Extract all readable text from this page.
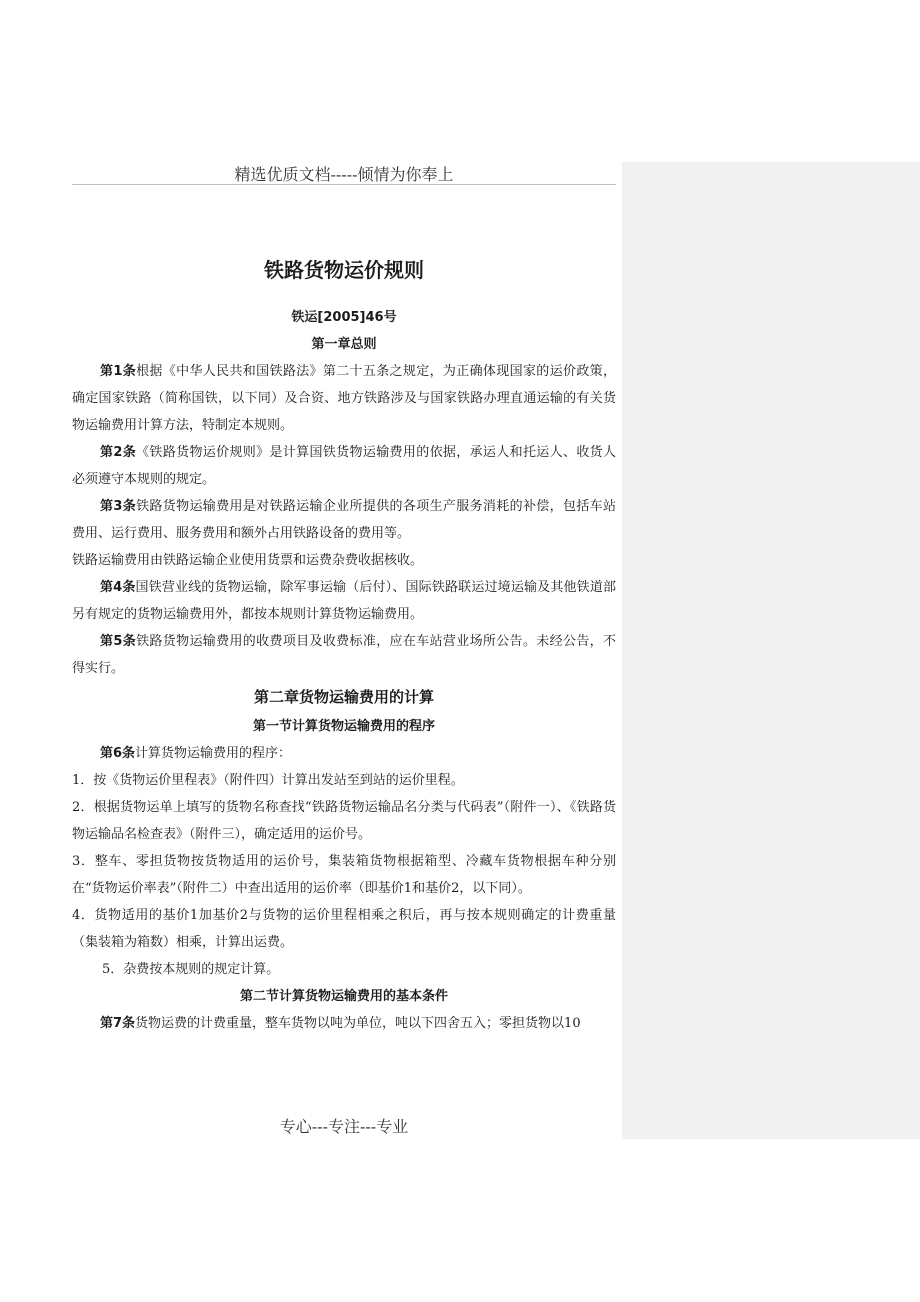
精选优质文档-----倾情为你奉上
铁路货物运价规则

铁运[2005]46号

第一章总则

第1条根据《中华人民共和国铁路法》第二十五条之规定，为正确体现国家的运价政策，确定国家铁路（简称国铁，以下同）及合资、地方铁路涉及与国家铁路办理直通运输的有关货物运输费用计算方法，特制定本规则。

第2条《铁路货物运价规则》是计算国铁货物运输费用的依据，承运人和托运人、收货人必须遵守本规则的规定。

第3条铁路货物运输费用是对铁路运输企业所提供的各项生产服务消耗的补偿，包括车站费用、运行费用、服务费用和额外占用铁路设备的费用等。

铁路运输费用由铁路运输企业使用货票和运费杂费收据核收。

第4条国铁营业线的货物运输，除军事运输（后付）、国际铁路联运过境运输及其他铁道部另有规定的货物运输费用外，都按本规则计算货物运输费用。

第5条铁路货物运输费用的收费项目及收费标准，应在车站营业场所公告。未经公告，不得实行。

第二章货物运输费用的计算

第一节计算货物运输费用的程序

第6条计算货物运输费用的程序：

1．按《货物运价里程表》（附件四）计算出发站至到站的运价里程。

2．根据货物运单上填写的货物名称查找“铁路货物运输品名分类与代码表”（附件一）、《铁路货物运输品名检查表》（附件三），确定适用的运价号。

3．整车、零担货物按货物适用的运价号，集装箱货物根据箱型、冷藏车货物根据车种分别在“货物运价率表”（附件二）中查出适用的运价率（即基价1和基价2，以下同）。

4．货物适用的基价1加基价2与货物的运价里程相乘之积后，再与按本规则确定的计费重量（集装箱为箱数）相乘，计算出运费。

5．杂费按本规则的规定计算。

第二节计算货物运输费用的基本条件

第7条货物运费的计费重量，整车货物以吨为单位，吨以下四舍五入；零担货物以10

专心---专注---专业
